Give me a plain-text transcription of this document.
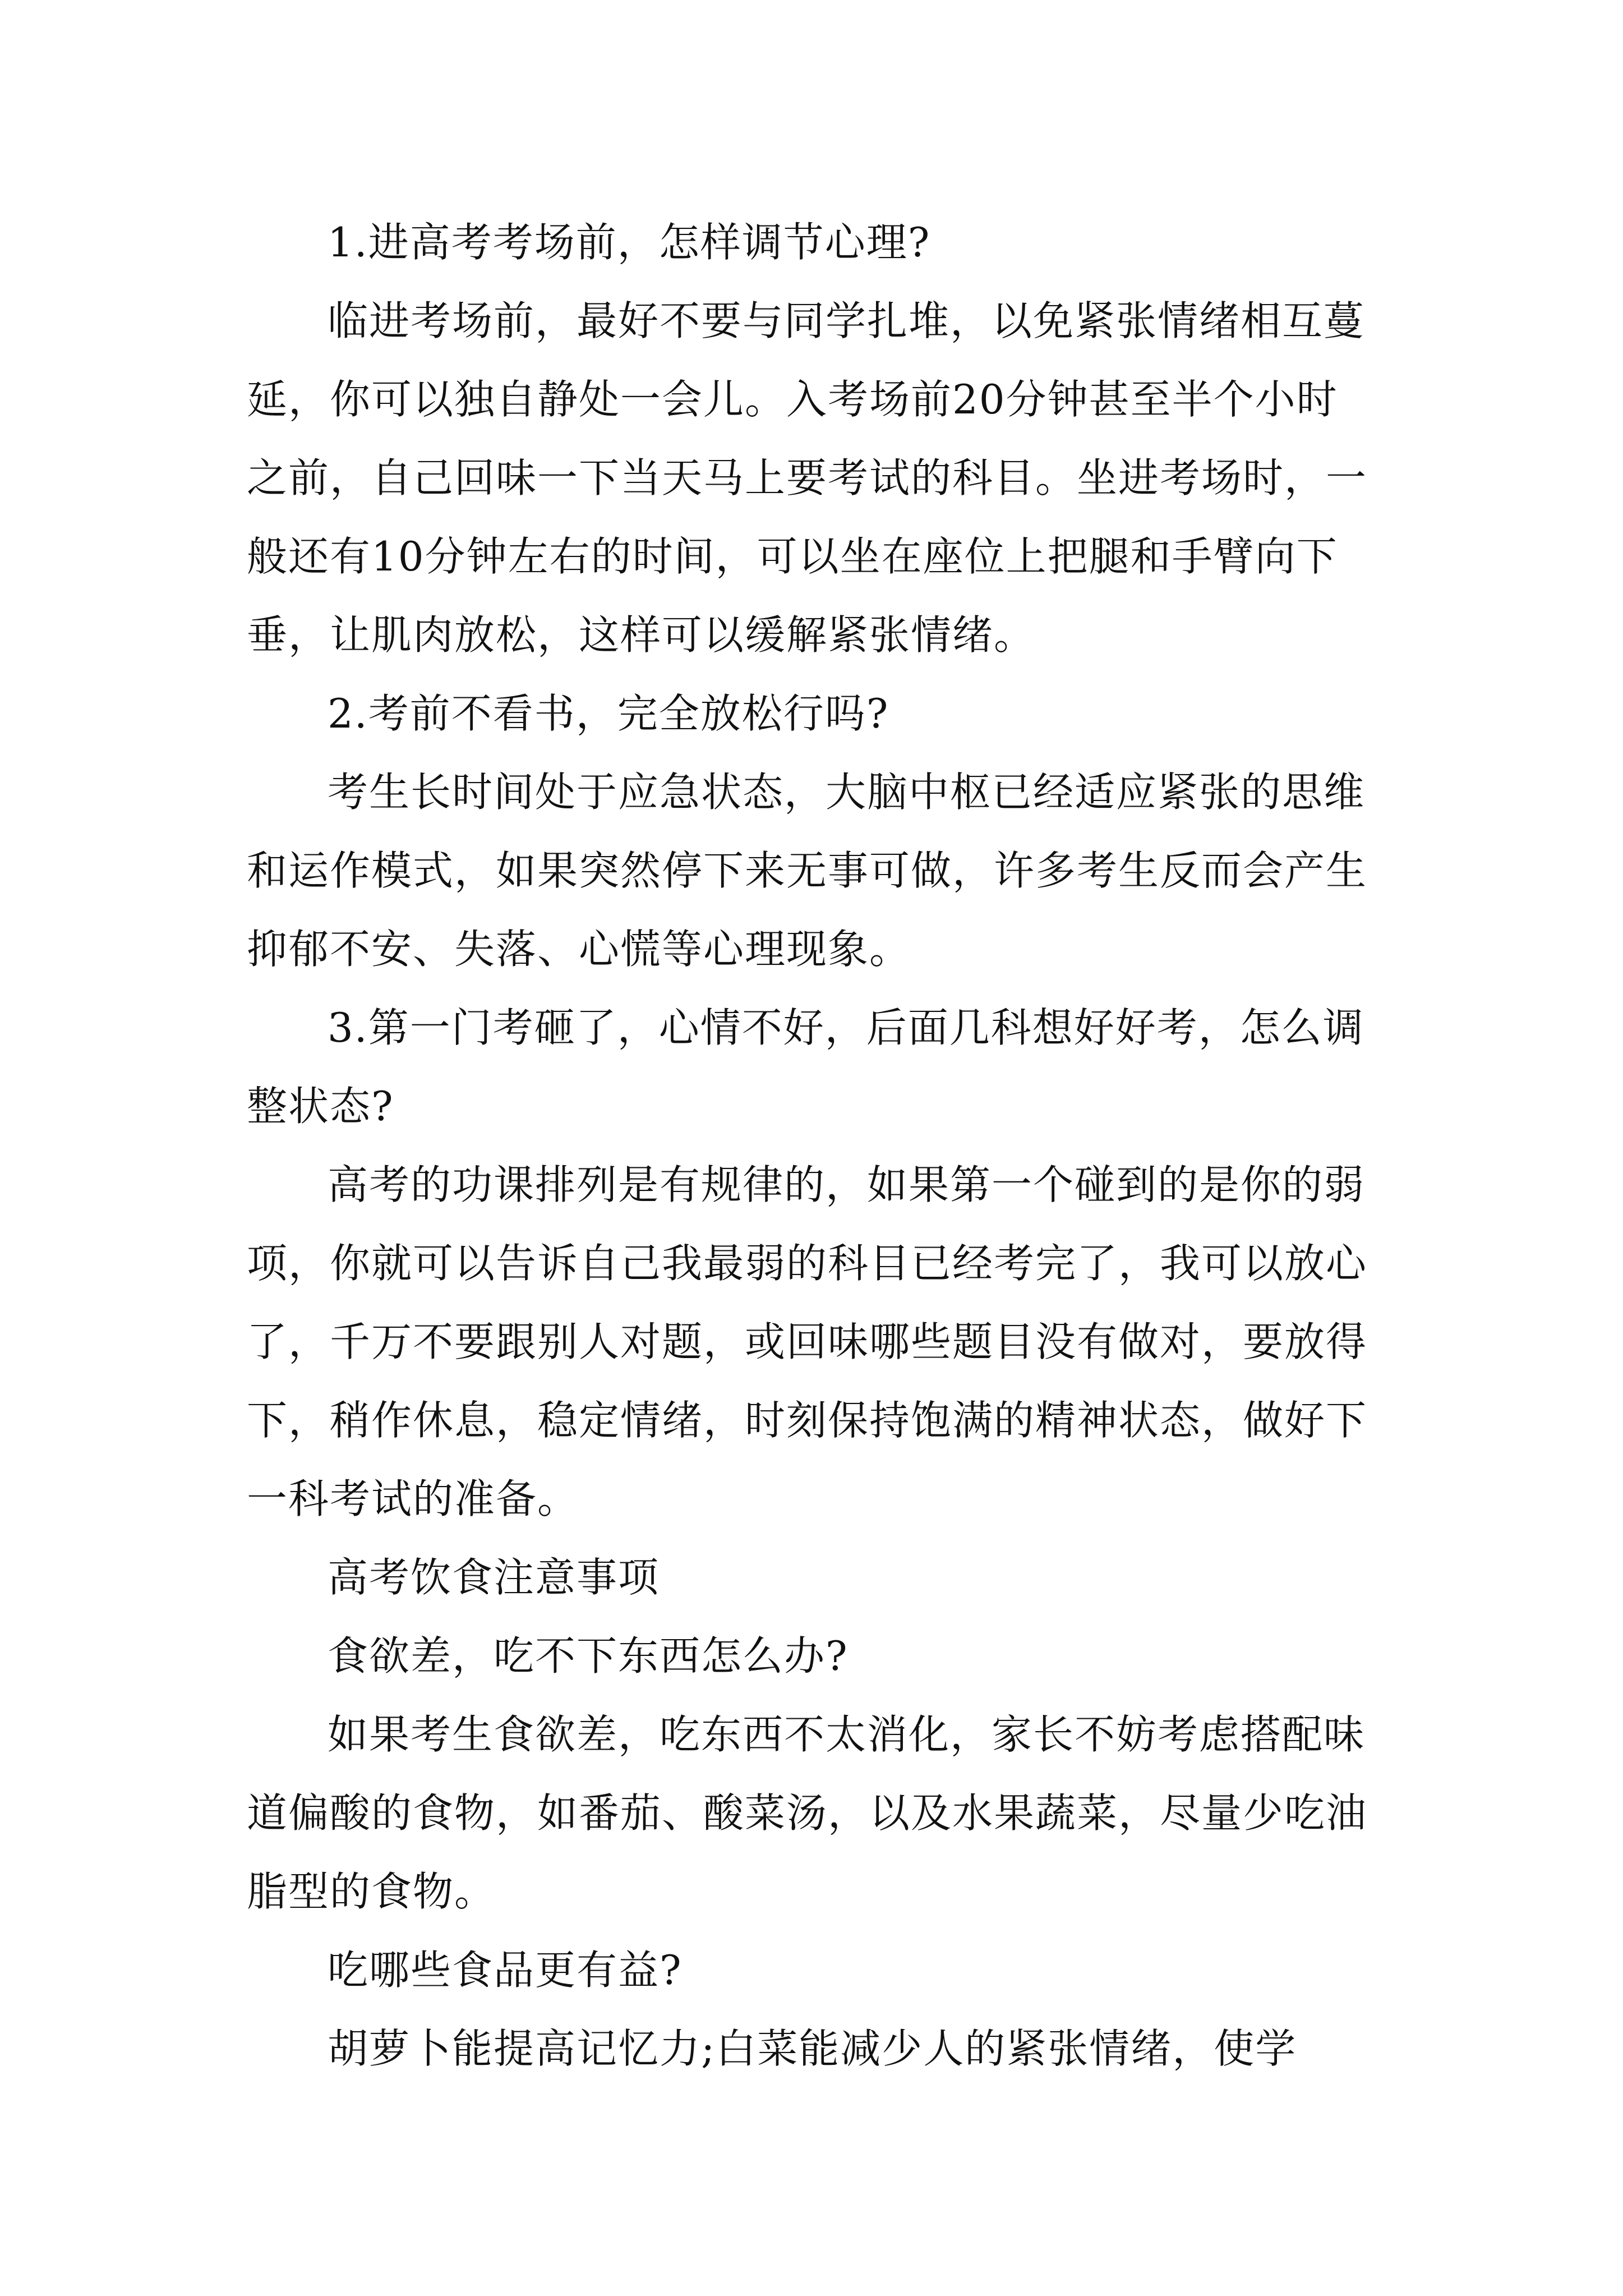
1.进高考考场前，怎样调节心理?

临进考场前，最好不要与同学扎堆，以免紧张情绪相互蔓延，你可以独自静处一会儿。入考场前20分钟甚至半个小时之前，自己回味一下当天马上要考试的科目。坐进考场时，一般还有10分钟左右的时间，可以坐在座位上把腿和手臂向下垂，让肌肉放松，这样可以缓解紧张情绪。

2.考前不看书，完全放松行吗?

考生长时间处于应急状态，大脑中枢已经适应紧张的思维和运作模式，如果突然停下来无事可做，许多考生反而会产生抑郁不安、失落、心慌等心理现象。

3.第一门考砸了，心情不好，后面几科想好好考，怎么调整状态?

高考的功课排列是有规律的，如果第一个碰到的是你的弱项，你就可以告诉自己我最弱的科目已经考完了，我可以放心了，千万不要跟别人对题，或回味哪些题目没有做对，要放得下，稍作休息，稳定情绪，时刻保持饱满的精神状态，做好下一科考试的准备。

高考饮食注意事项

食欲差，吃不下东西怎么办?

如果考生食欲差，吃东西不太消化，家长不妨考虑搭配味道偏酸的食物，如番茄、酸菜汤，以及水果蔬菜，尽量少吃油脂型的食物。

吃哪些食品更有益?

胡萝卜能提高记忆力;白菜能减少人的紧张情绪，使学
